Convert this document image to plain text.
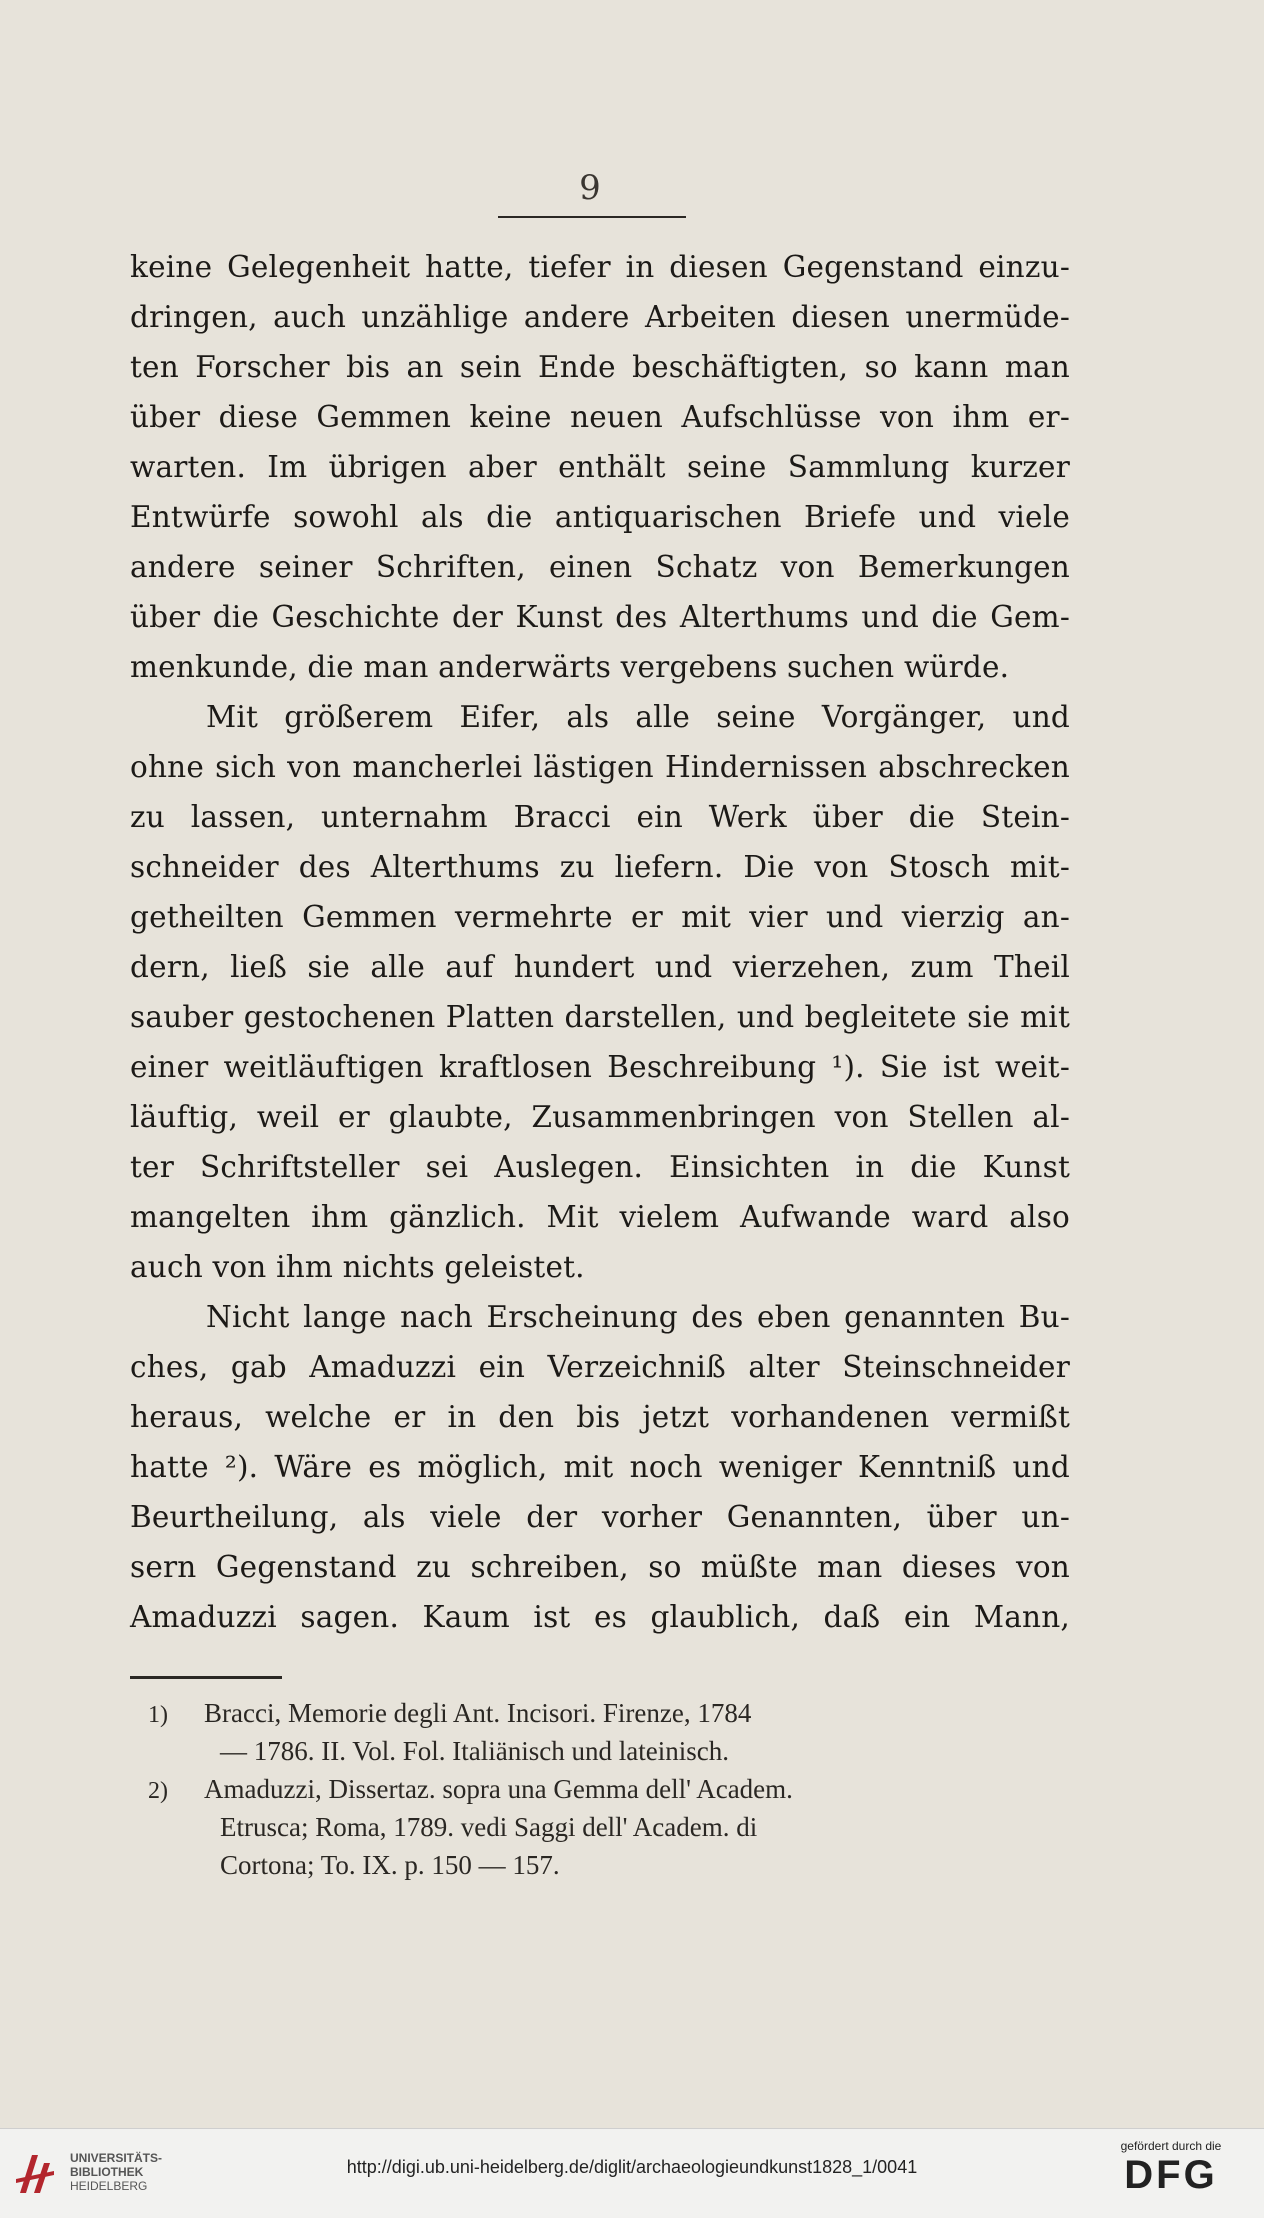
9
keine Gelegenheit hatte, tiefer in diesen Gegenstand einzu-
dringen, auch unzählige andere Arbeiten diesen unermüde-
ten Forscher bis an sein Ende beschäftigten, so kann man
über diese Gemmen keine neuen Aufschlüsse von ihm er-
warten. Im übrigen aber enthält seine Sammlung kurzer
Entwürfe sowohl als die antiquarischen Briefe und viele
andere seiner Schriften, einen Schatz von Bemerkungen
über die Geschichte der Kunst des Alterthums und die Gem-
menkunde, die man anderwärts vergebens suchen würde.
Mit größerem Eifer, als alle seine Vorgänger, und
ohne sich von mancherlei lästigen Hindernissen abschrecken
zu lassen, unternahm Bracci ein Werk über die Stein-
schneider des Alterthums zu liefern. Die von Stosch mit-
getheilten Gemmen vermehrte er mit vier und vierzig an-
dern, ließ sie alle auf hundert und vierzehen, zum Theil
sauber gestochenen Platten darstellen, und begleitete sie mit
einer weitläuftigen kraftlosen Beschreibung ¹). Sie ist weit-
läuftig, weil er glaubte, Zusammenbringen von Stellen al-
ter Schriftsteller sei Auslegen. Einsichten in die Kunst
mangelten ihm gänzlich. Mit vielem Aufwande ward also
auch von ihm nichts geleistet.
Nicht lange nach Erscheinung des eben genannten Bu-
ches, gab Amaduzzi ein Verzeichniß alter Steinschneider
heraus, welche er in den bis jetzt vorhandenen vermißt
hatte ²). Wäre es möglich, mit noch weniger Kenntniß und
Beurtheilung, als viele der vorher Genannten, über un-
sern Gegenstand zu schreiben, so müßte man dieses von
Amaduzzi sagen. Kaum ist es glaublich, daß ein Mann,
1) Bracci, Memorie degli Ant. Incisori. Firenze, 1784
— 1786. II. Vol. Fol. Italiänisch und lateinisch.
2) Amaduzzi, Dissertaz. sopra una Gemma dell' Academ.
Etrusca; Roma, 1789. vedi Saggi dell' Academ. di
Cortona; To. IX. p. 150 — 157.
UNIVERSITÄTS-
BIBLIOTHEK
HEIDELBERG
http://digi.ub.uni-heidelberg.de/diglit/archaeologieundkunst1828_1/0041
gefördert durch die
DFG
